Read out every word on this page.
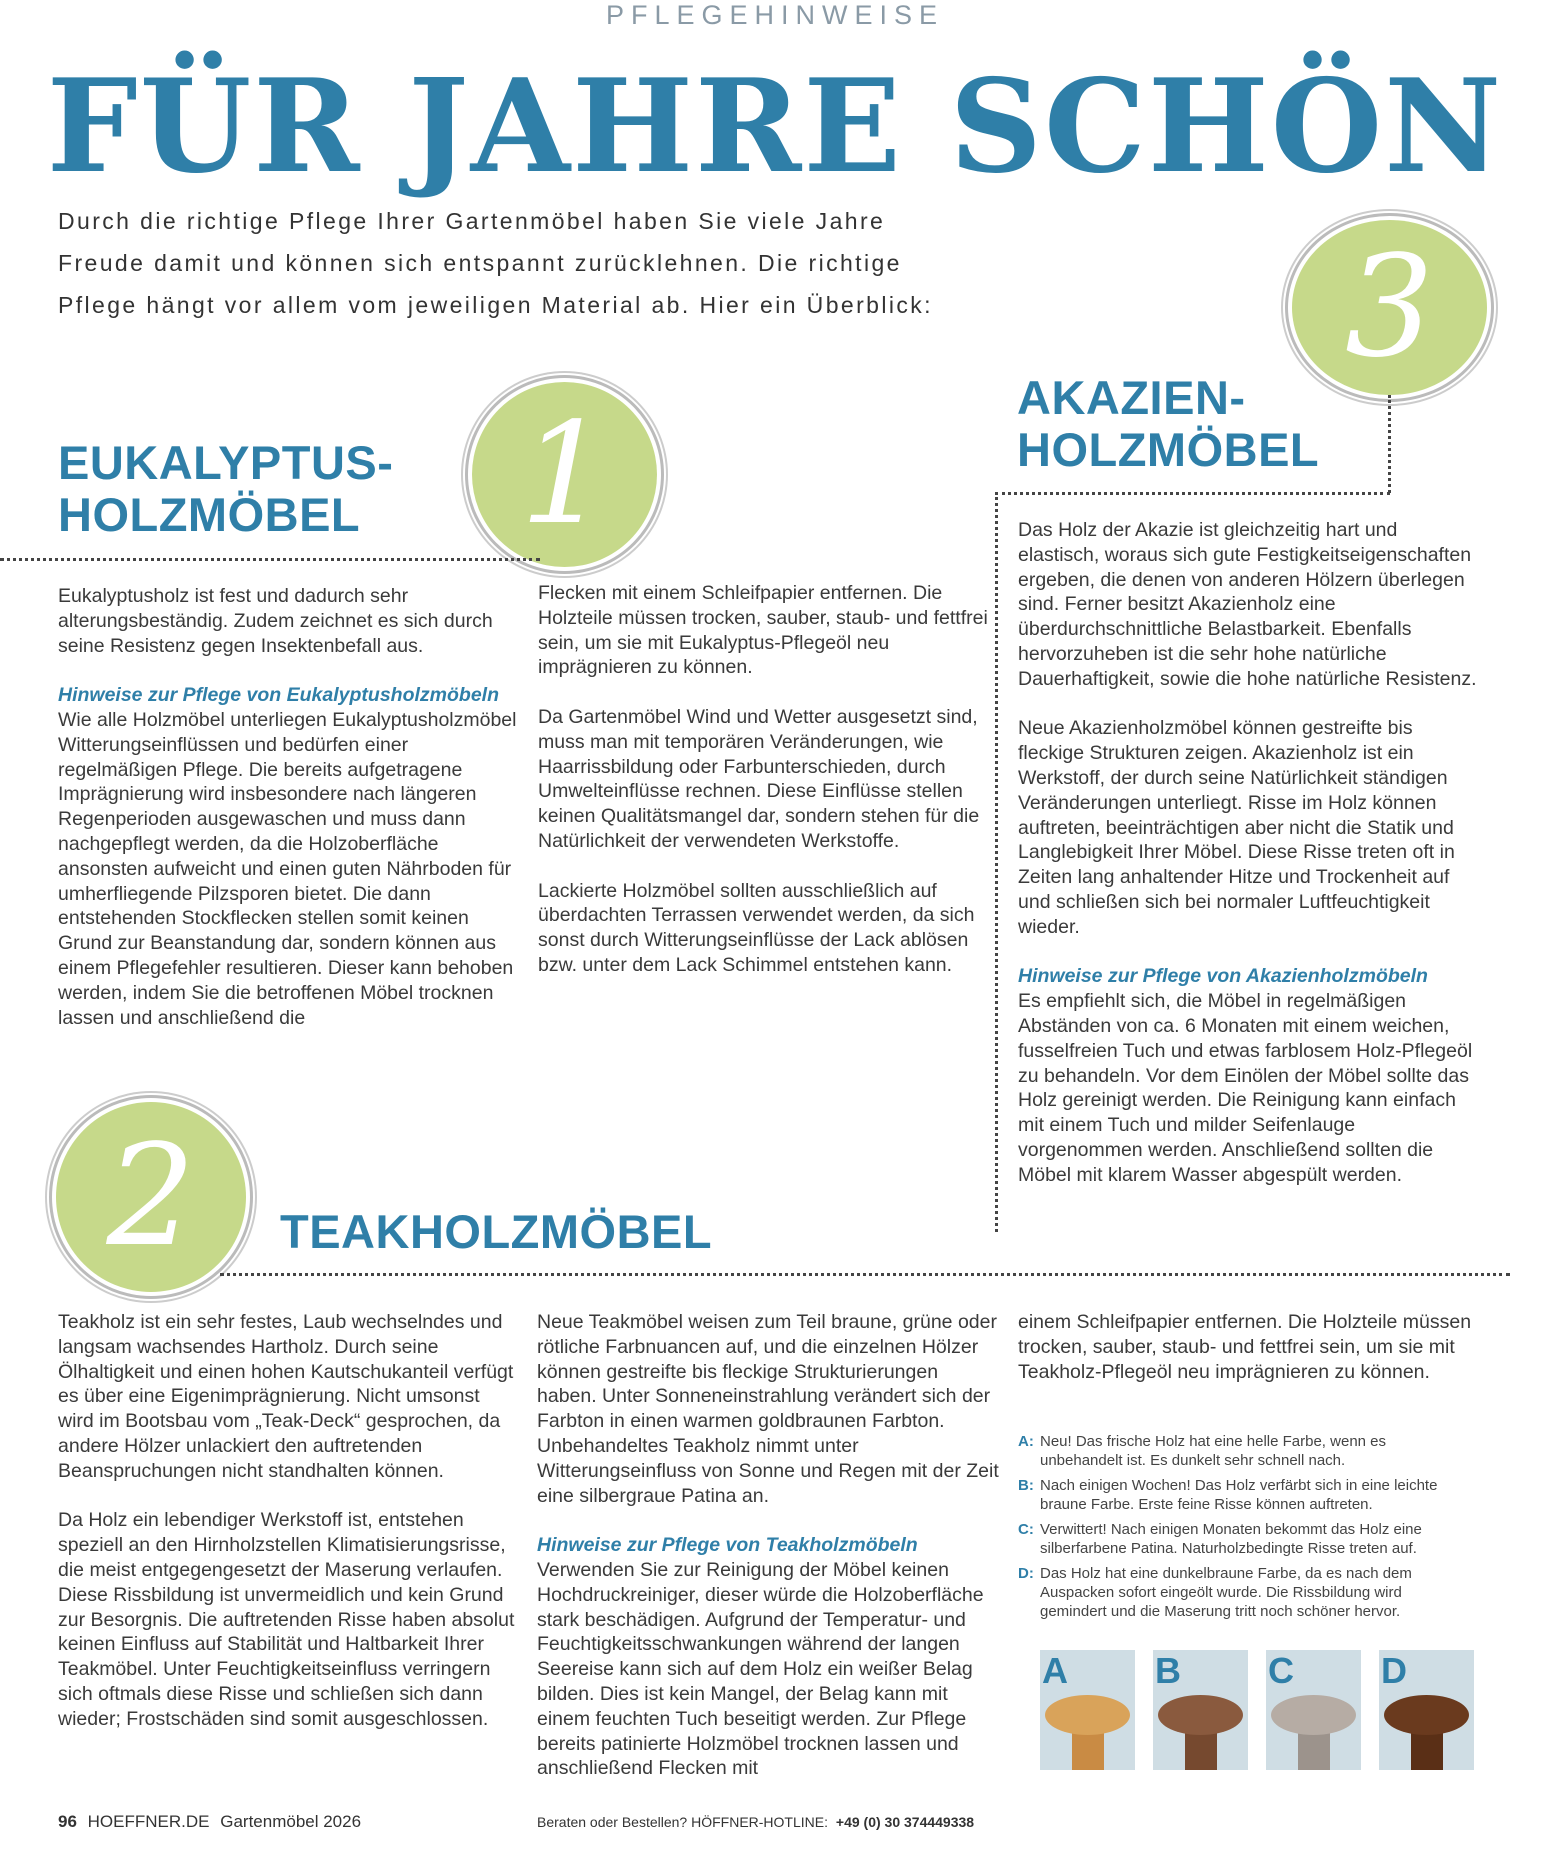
PFLEGEHINWEISE
FÜR JAHRE SCHÖN
Durch die richtige Pflege Ihrer Gartenmöbel haben Sie viele Jahre Freude damit und können sich entspannt zurücklehnen. Die richtige Pflege hängt vor allem vom jeweiligen Material ab. Hier ein Überblick:
1
EUKALYPTUS-
HOLZMÖBEL

Eukalyptusholz ist fest und dadurch sehr alterungsbeständig. Zudem zeichnet es sich durch seine Resistenz gegen Insektenbefall aus.

Hinweise zur Pflege von Eukalyptusholzmöbeln

Wie alle Holzmöbel unterliegen Eukalyptusholzmöbel Witterungseinflüssen und bedürfen einer regelmäßigen Pflege. Die bereits aufgetragene Imprägnierung wird insbesondere nach längeren Regenperioden ausgewaschen und muss dann nachgepflegt werden, da die Holzoberfläche ansonsten aufweicht und einen guten Nährboden für umherfliegende Pilzsporen bietet. Die dann entstehenden Stockflecken stellen somit keinen Grund zur Beanstandung dar, sondern können aus einem Pflegefehler resultieren. Dieser kann behoben werden, indem Sie die betroffenen Möbel trocknen lassen und anschließend die

Flecken mit einem Schleifpapier entfernen. Die Holzteile müssen trocken, sauber, staub- und fettfrei sein, um sie mit Eukalyptus-Pflegeöl neu imprägnieren zu können.

Da Gartenmöbel Wind und Wetter ausgesetzt sind, muss man mit temporären Veränderungen, wie Haarrissbildung oder Farbunterschieden, durch Umwelteinflüsse rechnen. Diese Einflüsse stellen keinen Qualitätsmangel dar, sondern stehen für die Natürlichkeit der verwendeten Werkstoffe.

Lackierte Holzmöbel sollten ausschließlich auf überdachten Terrassen verwendet werden, da sich sonst durch Witterungseinflüsse der Lack ablösen bzw. unter dem Lack Schimmel entstehen kann.

3
AKAZIEN-
HOLZMÖBEL

Das Holz der Akazie ist gleichzeitig hart und elastisch, woraus sich gute Festigkeitseigenschaften ergeben, die denen von anderen Hölzern überlegen sind. Ferner besitzt Akazienholz eine überdurchschnittliche Belastbarkeit. Ebenfalls hervorzuheben ist die sehr hohe natürliche Dauerhaftigkeit, sowie die hohe natürliche Resistenz.

Neue Akazienholzmöbel können gestreifte bis fleckige Strukturen zeigen. Akazienholz ist ein Werkstoff, der durch seine Natürlichkeit ständigen Veränderungen unterliegt. Risse im Holz können auftreten, beeinträchtigen aber nicht die Statik und Langlebigkeit Ihrer Möbel. Diese Risse treten oft in Zeiten lang anhaltender Hitze und Trockenheit auf und schließen sich bei normaler Luftfeuchtigkeit wieder.

Hinweise zur Pflege von Akazienholzmöbeln

Es empfiehlt sich, die Möbel in regelmäßigen Abständen von ca. 6 Monaten mit einem weichen, fusselfreien Tuch und etwas farblosem Holz-Pflegeöl zu behandeln. Vor dem Einölen der Möbel sollte das Holz gereinigt werden. Die Reinigung kann einfach mit einem Tuch und milder Seifenlauge vorgenommen werden. Anschließend sollten die Möbel mit klarem Wasser abgespült werden.

2 TEAKHOLZMÖBEL

Teakholz ist ein sehr festes, Laub wechselndes und langsam wachsendes Hartholz. Durch seine Ölhaltigkeit und einen hohen Kautschukanteil verfügt es über eine Eigenimprägnierung. Nicht umsonst wird im Bootsbau vom „Teak-Deck“ gesprochen, da andere Hölzer unlackiert den auftretenden Beanspruchungen nicht standhalten können.

Da Holz ein lebendiger Werkstoff ist, entstehen speziell an den Hirnholzstellen Klimatisierungsrisse, die meist entgegengesetzt der Maserung verlaufen. Diese Rissbildung ist unvermeidlich und kein Grund zur Besorgnis. Die auftretenden Risse haben absolut keinen Einfluss auf Stabilität und Haltbarkeit Ihrer Teakmöbel. Unter Feuchtigkeitseinfluss verringern sich oftmals diese Risse und schließen sich dann wieder; Frostschäden sind somit ausgeschlossen.

Neue Teakmöbel weisen zum Teil braune, grüne oder rötliche Farbnuancen auf, und die einzelnen Hölzer können gestreifte bis fleckige Strukturierungen haben. Unter Sonneneinstrahlung verändert sich der Farbton in einen warmen goldbraunen Farbton. Unbehandeltes Teakholz nimmt unter Witterungseinfluss von Sonne und Regen mit der Zeit eine silbergraue Patina an.

Hinweise zur Pflege von Teakholzmöbeln

Verwenden Sie zur Reinigung der Möbel keinen Hochdruckreiniger, dieser würde die Holzoberfläche stark beschädigen. Aufgrund der Temperatur- und Feuchtigkeitsschwankungen während der langen Seereise kann sich auf dem Holz ein weißer Belag bilden. Dies ist kein Mangel, der Belag kann mit einem feuchten Tuch beseitigt werden. Zur Pflege bereits patinierte Holzmöbel trocknen lassen und anschließend Flecken mit

einem Schleifpapier entfernen. Die Holzteile müssen trocken, sauber, staub- und fettfrei sein, um sie mit Teakholz-Pflegeöl neu imprägnieren zu können.

A: Neu! Das frische Holz hat eine helle Farbe, wenn es unbehandelt ist. Es dunkelt sehr schnell nach.
B: Nach einigen Wochen! Das Holz verfärbt sich in eine leichte braune Farbe. Erste feine Risse können auftreten.
C: Verwittert! Nach einigen Monaten bekommt das Holz eine silberfarbene Patina. Naturholzbedingte Risse treten auf.
D: Das Holz hat eine dunkelbraune Farbe, da es nach dem Auspacken sofort eingeölt wurde. Die Rissbildung wird gemindert und die Maserung tritt noch schöner hervor.
A B C D
96 HOEFFNER.DE Gartenmöbel 2026	Beraten oder Bestellen? HÖFFNER-HOTLINE: +49 (0) 30 374449338
